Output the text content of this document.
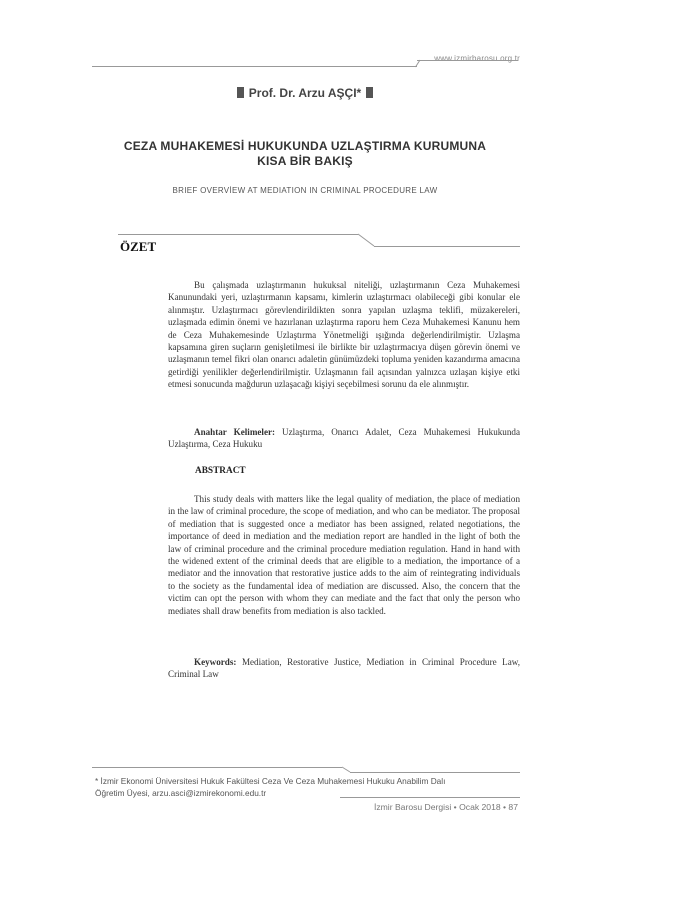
www.izmirbarosu.org.tr
Prof. Dr. Arzu AŞÇI*
CEZA MUHAKEMESİ HUKUKUNDA UZLAŞTIRMA KURUMUNA
KISA BİR BAKIŞ
BRIEF OVERVİEW AT MEDIATION IN CRIMINAL PROCEDURE LAW
ÖZET
Bu çalışmada uzlaştırmanın hukuksal niteliği, uzlaştırmanın Ceza Muhakemesi Kanunundaki yeri, uzlaştırmanın kapsamı, kimlerin uzlaştırmacı olabileceği gibi konular ele alınmıştır. Uzlaştırmacı görevlendirildikten sonra yapılan uzlaşma teklifi, müzakereleri, uzlaşmada edimin önemi ve hazırlanan uzlaştırma raporu hem Ceza Muhakemesi Kanunu hem de Ceza Muhakemesinde Uzlaştırma Yönetmeliği ışığında değerlendirilmiştir. Uzlaşma kapsamına giren suçların genişletilmesi ile birlikte bir uzlaştırmacıya düşen görevin önemi ve uzlaşmanın temel fikri olan onarıcı adaletin günümüzdeki topluma yeniden kazandırma amacına getirdiği yenilikler değerlendirilmiştir. Uzlaşmanın fail açısından yalnızca uzlaşan kişiye etki etmesi sonucunda mağdurun uzlaşacağı kişiyi seçebilmesi sorunu da ele alınmıştır.
Anahtar Kelimeler: Uzlaştırma, Onarıcı Adalet, Ceza Muhakemesi Hukukunda Uzlaştırma, Ceza Hukuku
ABSTRACT
This study deals with matters like the legal quality of mediation, the place of mediation in the law of criminal procedure, the scope of mediation, and who can be mediator. The proposal of mediation that is suggested once a mediator has been assigned, related negotiations, the importance of deed in mediation and the mediation report are handled in the light of both the law of criminal procedure and the criminal procedure mediation regulation. Hand in hand with the widened extent of the criminal deeds that are eligible to a mediation, the importance of a mediator and the innovation that restorative justice adds to the aim of reintegrating individuals to the society as the fundamental idea of mediation are discussed. Also, the concern that the victim can opt the person with whom they can mediate and the fact that only the person who mediates shall draw benefits from mediation is also tackled.
Keywords: Mediation, Restorative Justice, Mediation in Criminal Procedure Law, Criminal Law
* İzmir Ekonomi Üniversitesi Hukuk Fakültesi Ceza Ve Ceza Muhakemesi Hukuku Anabilim Dalı
Öğretim Üyesi, arzu.asci@izmirekonomi.edu.tr
İzmir Barosu Dergisi • Ocak 2018 • 87
